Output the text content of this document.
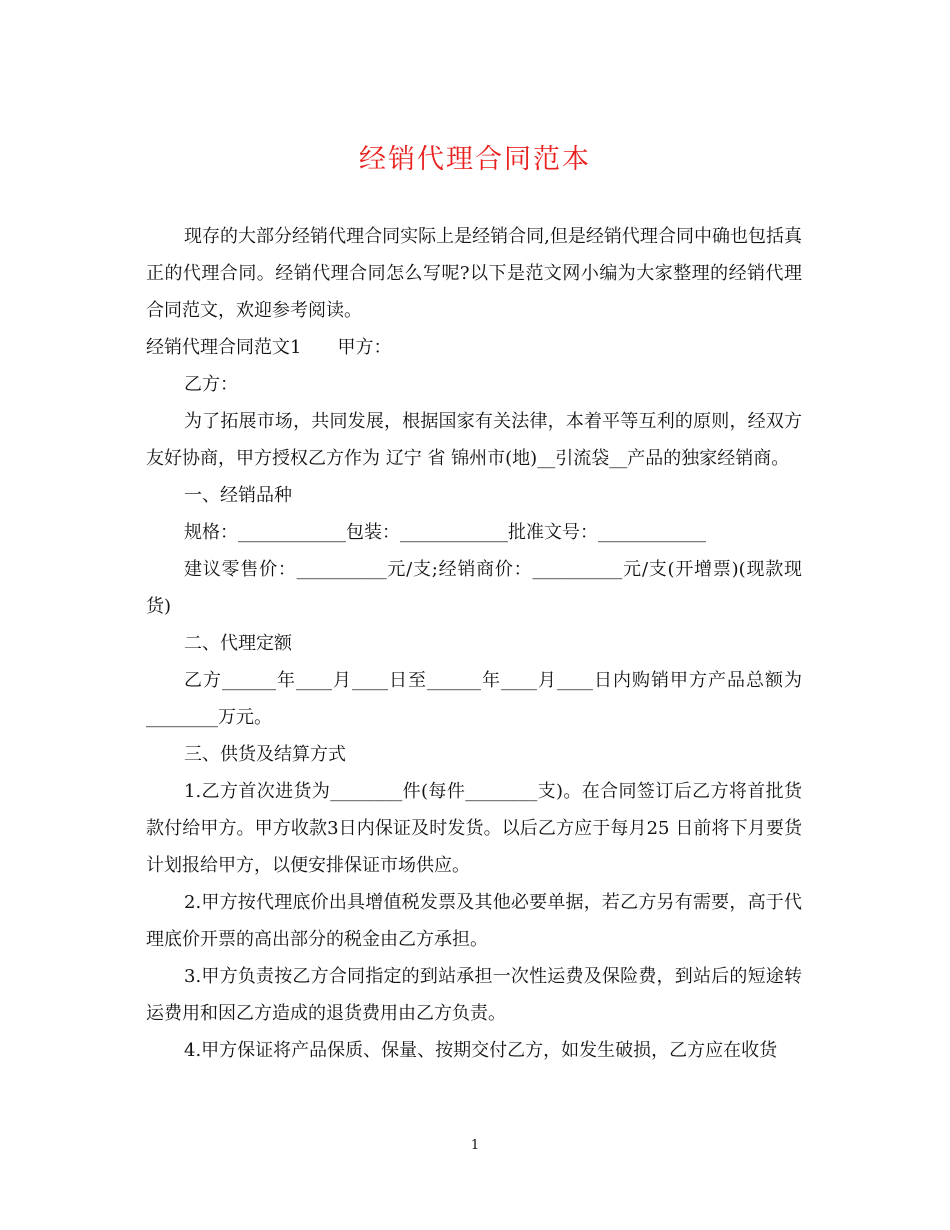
经销代理合同范本

现存的大部分经销代理合同实际上是经销合同,但是经销代理合同中确也包括真正的代理合同。经销代理合同怎么写呢?以下是范文网小编为大家整理的经销代理合同范文，欢迎参考阅读。

经销代理合同范文1　　甲方：

乙方：

为了拓展市场，共同发展，根据国家有关法律，本着平等互利的原则，经双方友好协商，甲方授权乙方作为 辽宁 省 锦州市(地)__引流袋__产品的独家经销商。

一、经销品种

规格：____________包装：____________批准文号：____________

建议零售价：__________元/支;经销商价：__________元/支(开增票)(现款现货)

二、代理定额

乙方______年____月____日至______年____月____日内购销甲方产品总额为________万元。

三、供货及结算方式

1.乙方首次进货为________件(每件________支)。在合同签订后乙方将首批货款付给甲方。甲方收款3日内保证及时发货。以后乙方应于每月25 日前将下月要货计划报给甲方，以便安排保证市场供应。

2.甲方按代理底价出具增值税发票及其他必要单据，若乙方另有需要，高于代理底价开票的高出部分的税金由乙方承担。

3.甲方负责按乙方合同指定的到站承担一次性运费及保险费，到站后的短途转运费用和因乙方造成的退货费用由乙方负责。

4.甲方保证将产品保质、保量、按期交付乙方，如发生破损，乙方应在收货

1
